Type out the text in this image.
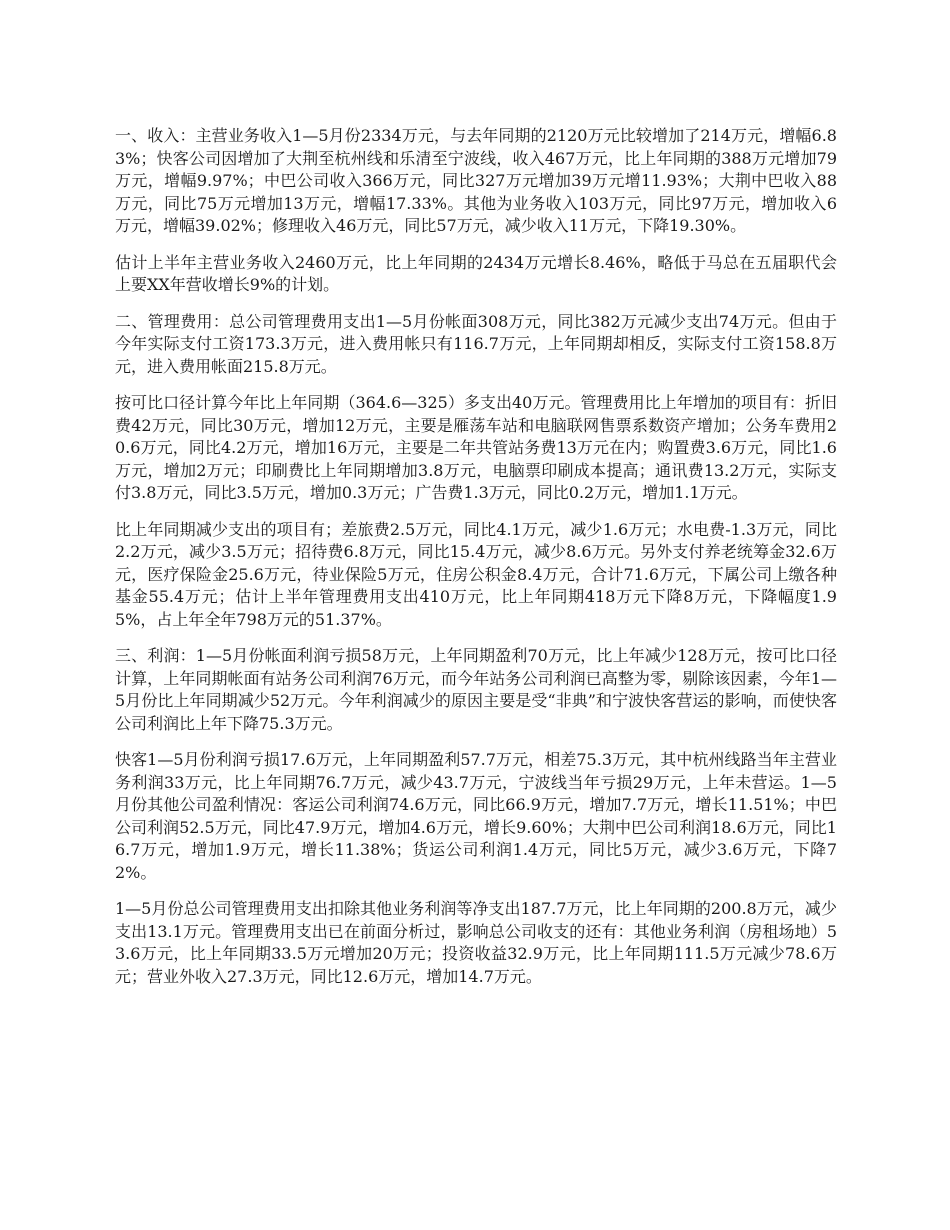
一、收入：主营业务收入1—5月份2334万元，与去年同期的2120万元比较增加了214万元，增幅6.83%；快客公司因增加了大荆至杭州线和乐清至宁波线，收入467万元，比上年同期的388万元增加79万元，增幅9.97%；中巴公司收入366万元，同比327万元增加39万元增11.93%；大荆中巴收入88万元，同比75万元增加13万元，增幅17.33%。其他为业务收入103万元，同比97万元，增加收入6万元，增幅39.02%；修理收入46万元，同比57万元，减少收入11万元，下降19.30%。

估计上半年主营业务收入2460万元，比上年同期的2434万元增长8.46%，略低于马总在五届职代会上要XX年营收增长9%的计划。

二、管理费用：总公司管理费用支出1—5月份帐面308万元，同比382万元减少支出74万元。但由于今年实际支付工资173.3万元，进入费用帐只有116.7万元，上年同期却相反，实际支付工资158.8万元，进入费用帐面215.8万元。

按可比口径计算今年比上年同期（364.6—325）多支出40万元。管理费用比上年增加的项目有：折旧费42万元，同比30万元，增加12万元，主要是雁荡车站和电脑联网售票系数资产增加；公务车费用20.6万元，同比4.2万元，增加16万元，主要是二年共管站务费13万元在内；购置费3.6万元，同比1.6万元，增加2万元；印刷费比上年同期增加3.8万元，电脑票印刷成本提高；通讯费13.2万元，实际支付3.8万元，同比3.5万元，增加0.3万元；广告费1.3万元，同比0.2万元，增加1.1万元。

比上年同期减少支出的项目有；差旅费2.5万元，同比4.1万元，减少1.6万元；水电费-1.3万元，同比2.2万元，减少3.5万元；招待费6.8万元，同比15.4万元，减少8.6万元。另外支付养老统筹金32.6万元，医疗保险金25.6万元，待业保险5万元，住房公积金8.4万元，合计71.6万元，下属公司上缴各种基金55.4万元；估计上半年管理费用支出410万元，比上年同期418万元下降8万元，下降幅度1.95%，占上年全年798万元的51.37%。

三、利润：1—5月份帐面利润亏损58万元，上年同期盈利70万元，比上年减少128万元，按可比口径计算，上年同期帐面有站务公司利润76万元，而今年站务公司利润已高整为零，剔除该因素，今年1—5月份比上年同期减少52万元。今年利润减少的原因主要是受“非典”和宁波快客营运的影响，而使快客公司利润比上年下降75.3万元。

快客1—5月份利润亏损17.6万元，上年同期盈利57.7万元，相差75.3万元，其中杭州线路当年主营业务利润33万元，比上年同期76.7万元，减少43.7万元，宁波线当年亏损29万元，上年未营运。1—5月份其他公司盈利情况：客运公司利润74.6万元，同比66.9万元，增加7.7万元，增长11.51%；中巴公司利润52.5万元，同比47.9万元，增加4.6万元，增长9.60%；大荆中巴公司利润18.6万元，同比16.7万元，增加1.9万元，增长11.38%；货运公司利润1.4万元，同比5万元，减少3.6万元，下降72%。

1—5月份总公司管理费用支出扣除其他业务利润等净支出187.7万元，比上年同期的200.8万元，减少支出13.1万元。管理费用支出已在前面分析过，影响总公司收支的还有：其他业务利润（房租场地）53.6万元，比上年同期33.5万元增加20万元；投资收益32.9万元，比上年同期111.5万元减少78.6万元；营业外收入27.3万元，同比12.6万元，增加14.7万元。
